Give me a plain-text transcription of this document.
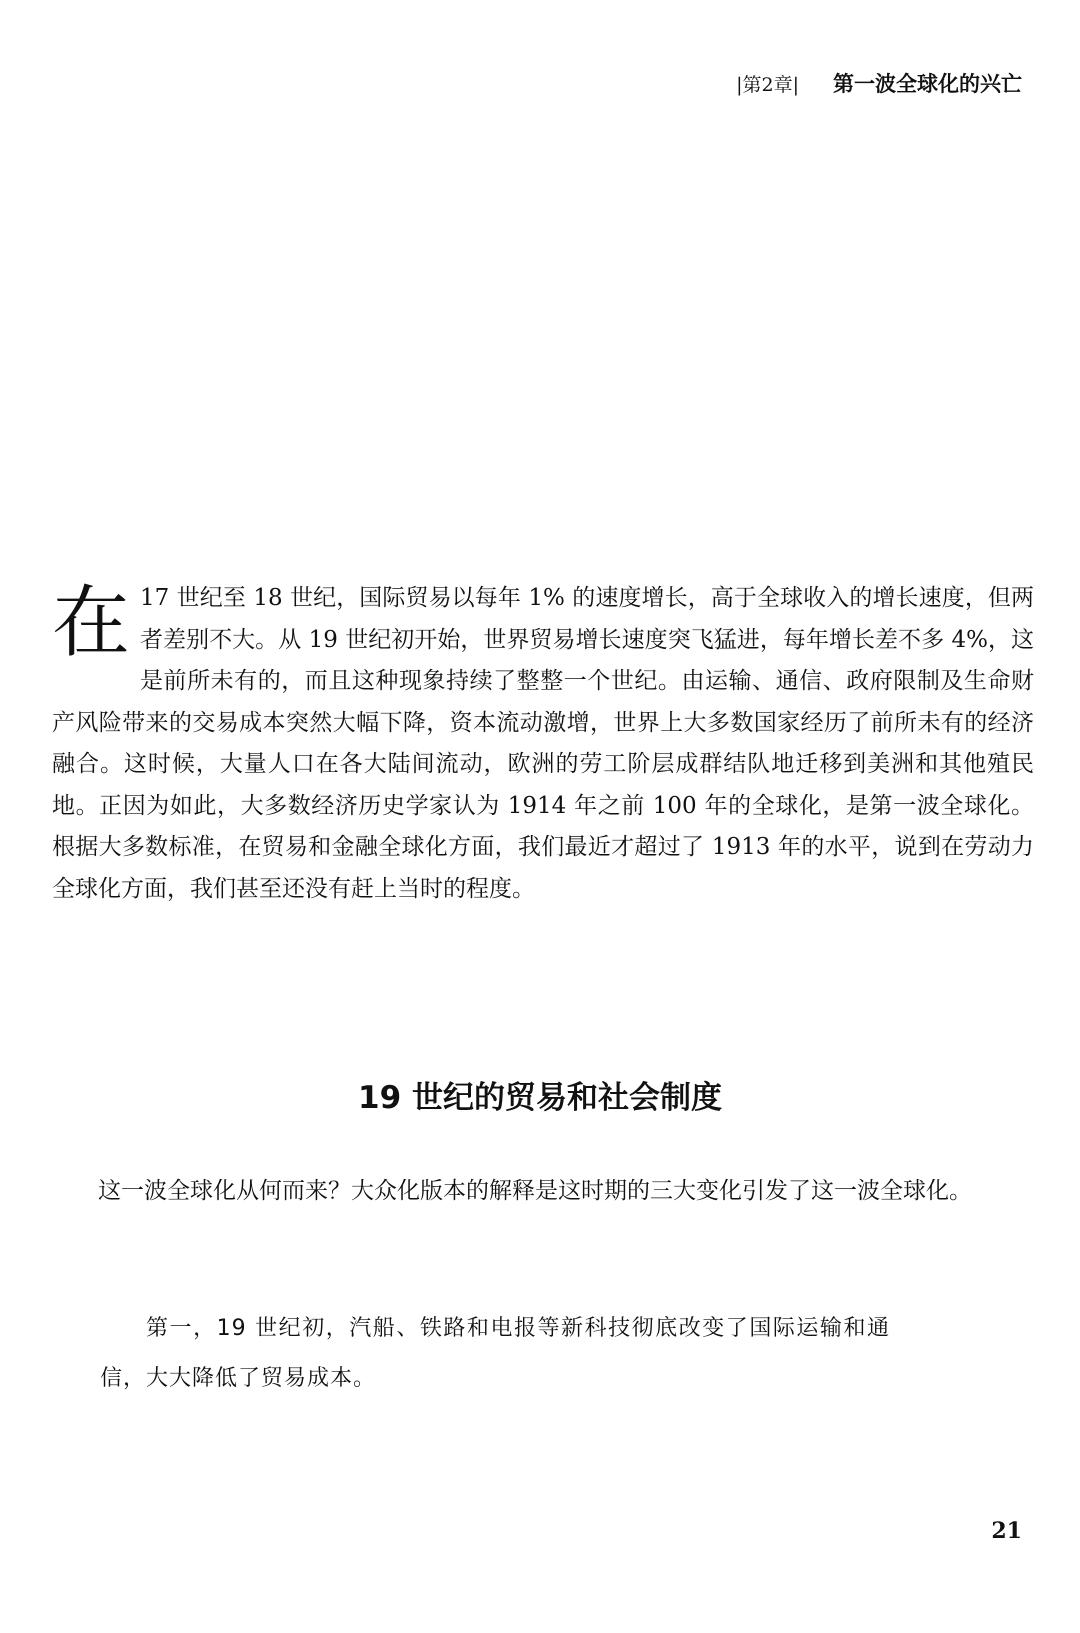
|第2章| 第一波全球化的兴亡
在 17 世纪至 18 世纪，国际贸易以每年 1% 的速度增长，高于全球收入的增长速度，但两者差别不大。从 19 世纪初开始，世界贸易增长速度突飞猛进，每年增长差不多 4%，这是前所未有的，而且这种现象持续了整整一个世纪。由运输、通信、政府限制及生命财产风险带来的交易成本突然大幅下降，资本流动激增，世界上大多数国家经历了前所未有的经济融合。这时候，大量人口在各大陆间流动，欧洲的劳工阶层成群结队地迁移到美洲和其他殖民地。正因为如此，大多数经济历史学家认为 1914 年之前 100 年的全球化，是第一波全球化。根据大多数标准，在贸易和金融全球化方面，我们最近才超过了 1913 年的水平，说到在劳动力全球化方面，我们甚至还没有赶上当时的程度。
19 世纪的贸易和社会制度

这一波全球化从何而来？大众化版本的解释是这时期的三大变化引发了这一波全球化。

第一，19 世纪初，汽船、铁路和电报等新科技彻底改变了国际运输和通信，大大降低了贸易成本。

21
